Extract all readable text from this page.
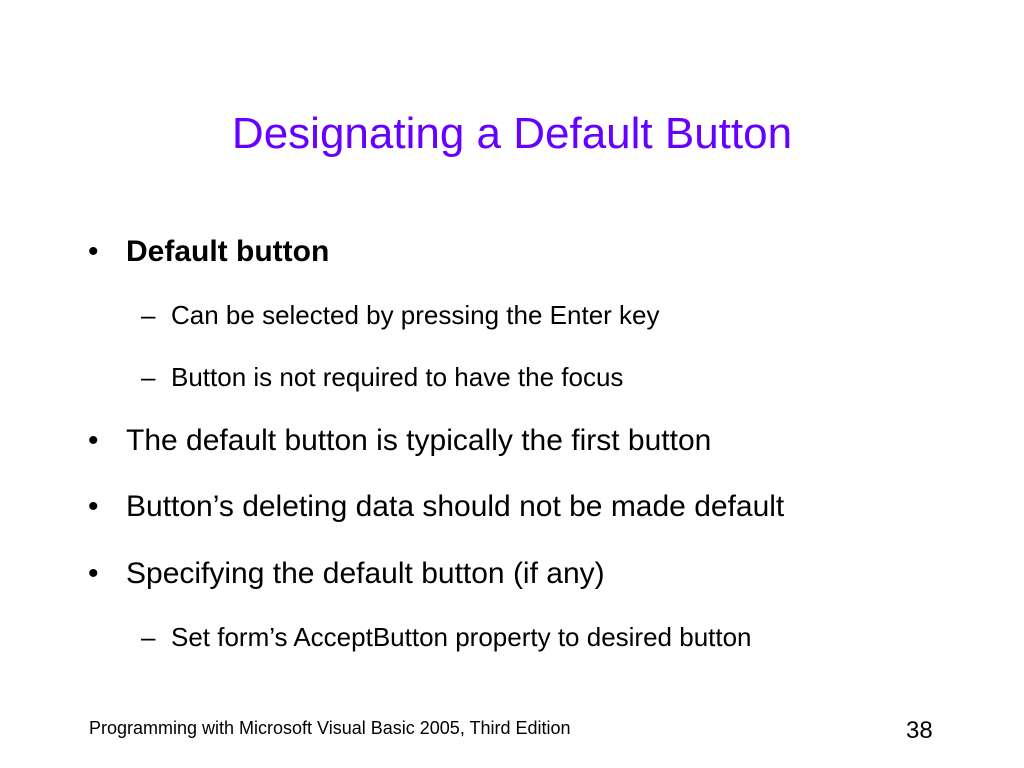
Designating a Default Button
• Default button
– Can be selected by pressing the Enter key
– Button is not required to have the focus
• The default button is typically the first button
• Button’s deleting data should not be made default
• Specifying the default button (if any)
– Set form’s AcceptButton property to desired button
Programming with Microsoft Visual Basic 2005, Third Edition	38
